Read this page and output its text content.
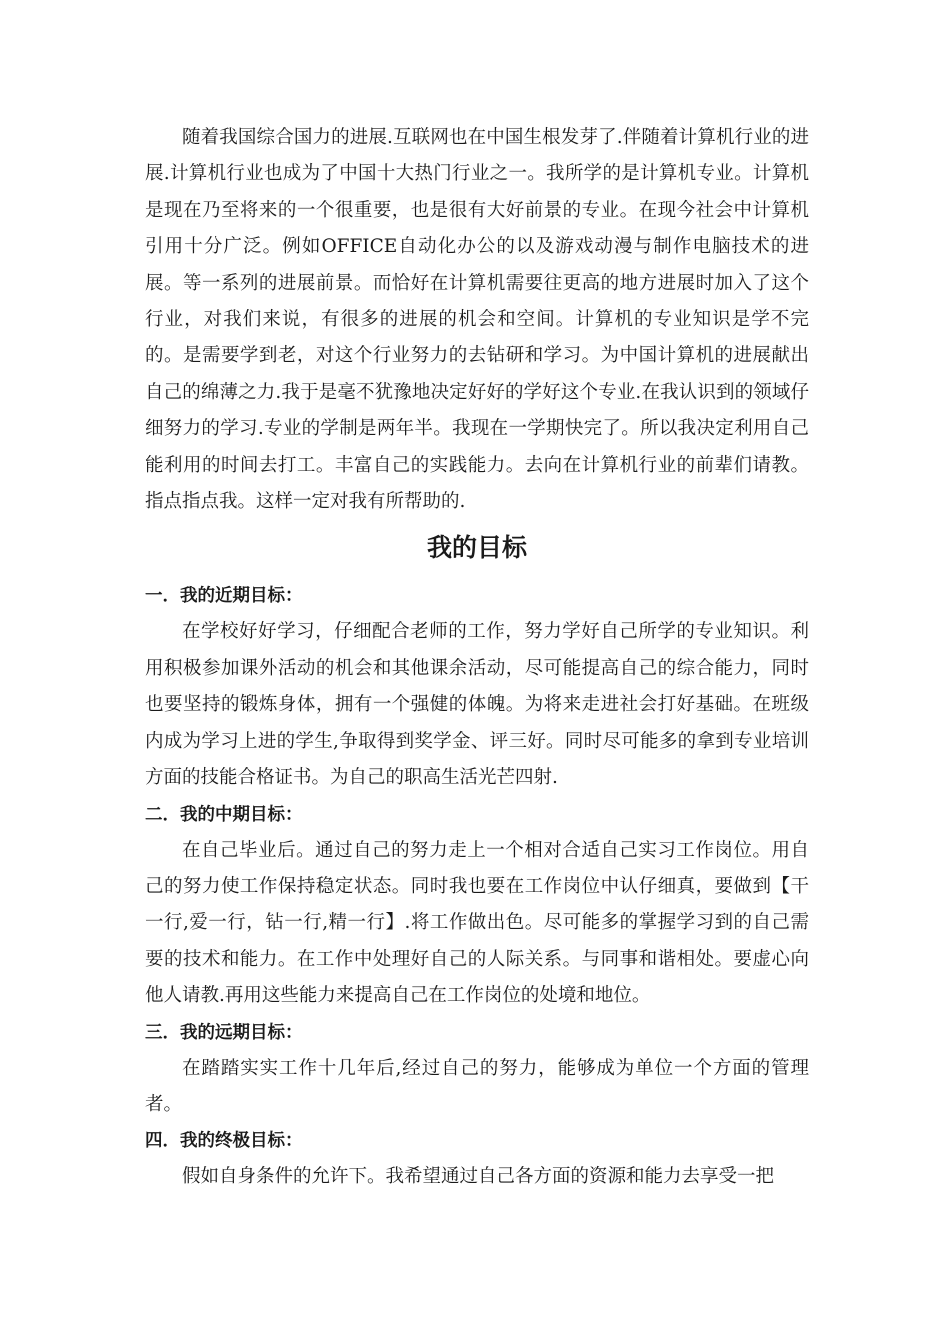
随着我国综合国力的进展.互联网也在中国生根发芽了.伴随着计算机行业的进展.计算机行业也成为了中国十大热门行业之一。我所学的是计算机专业。计算机是现在乃至将来的一个很重要，也是很有大好前景的专业。在现今社会中计算机引用十分广泛。例如OFFICE自动化办公的以及游戏动漫与制作电脑技术的进展。等一系列的进展前景。而恰好在计算机需要往更高的地方进展时加入了这个行业，对我们来说，有很多的进展的机会和空间。计算机的专业知识是学不完的。是需要学到老，对这个行业努力的去钻研和学习。为中国计算机的进展献出自己的绵薄之力.我于是毫不犹豫地决定好好的学好这个专业.在我认识到的领域仔细努力的学习.专业的学制是两年半。我现在一学期快完了。所以我决定利用自己能利用的时间去打工。丰富自己的实践能力。去向在计算机行业的前辈们请教。指点指点我。这样一定对我有所帮助的.

我的目标

一．我的近期目标：

在学校好好学习，仔细配合老师的工作，努力学好自己所学的专业知识。利用积极参加课外活动的机会和其他课余活动，尽可能提高自己的综合能力，同时也要坚持的锻炼身体，拥有一个强健的体魄。为将来走进社会打好基础。在班级内成为学习上进的学生,争取得到奖学金、评三好。同时尽可能多的拿到专业培训方面的技能合格证书。为自己的职高生活光芒四射.

二．我的中期目标：

在自己毕业后。通过自己的努力走上一个相对合适自己实习工作岗位。用自己的努力使工作保持稳定状态。同时我也要在工作岗位中认仔细真，要做到【干一行,爱一行，钻一行,精一行】.将工作做出色。尽可能多的掌握学习到的自己需要的技术和能力。在工作中处理好自己的人际关系。与同事和谐相处。要虚心向他人请教.再用这些能力来提高自己在工作岗位的处境和地位。

三．我的远期目标：

在踏踏实实工作十几年后,经过自己的努力，能够成为单位一个方面的管理者。

四．我的终极目标：

假如自身条件的允许下。我希望通过自己各方面的资源和能力去享受一把
